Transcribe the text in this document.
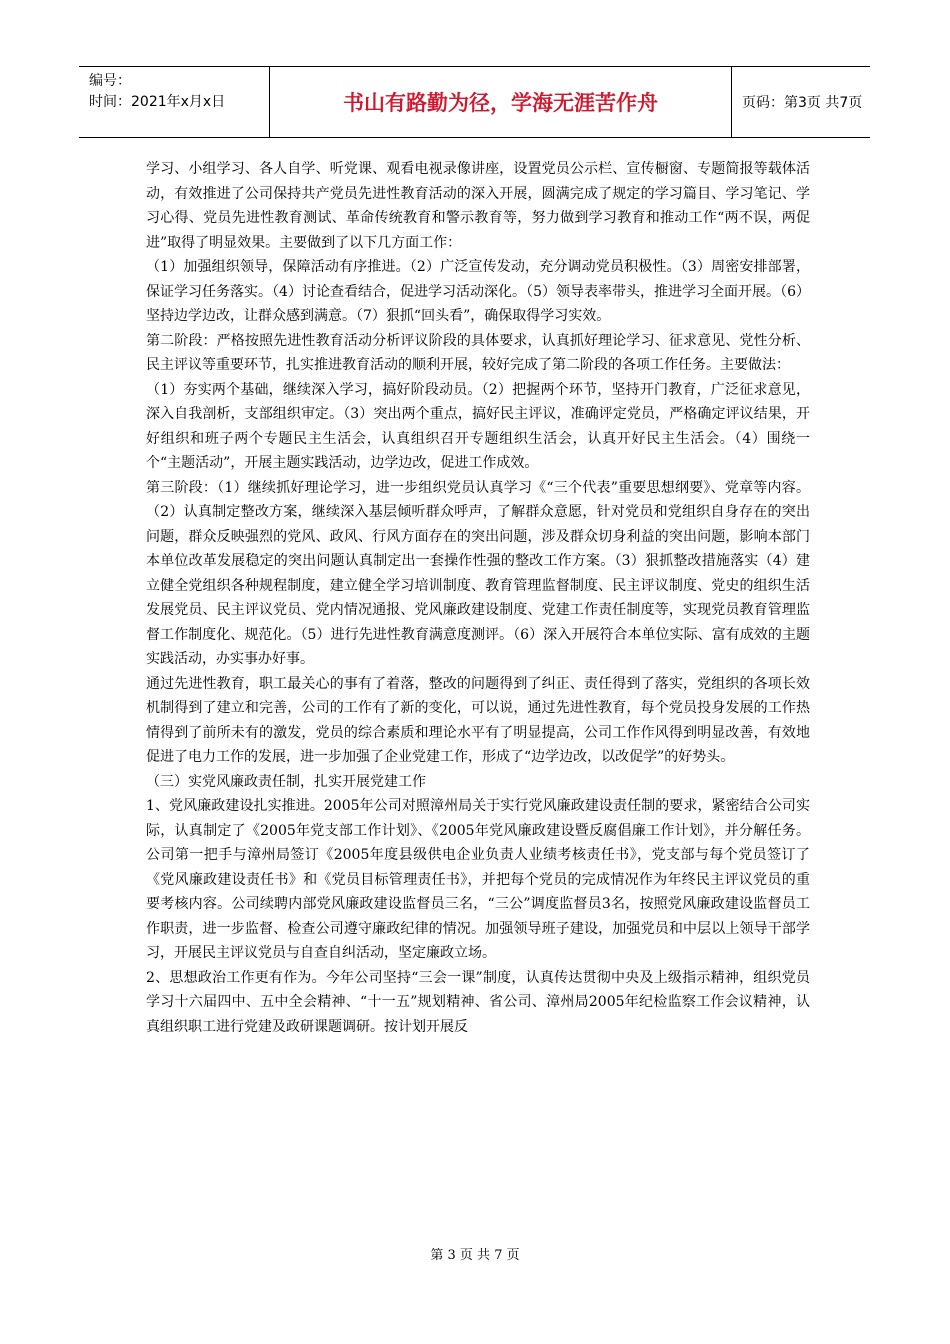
编号：
时间：2021年x月x日	书山有路勤为径，学海无涯苦作舟	页码：第3页 共7页

学习、小组学习、各人自学、听党课、观看电视录像讲座，设置党员公示栏、宣传橱窗、专题简报等载体活动，有效推进了公司保持共产党员先进性教育活动的深入开展，圆满完成了规定的学习篇目、学习笔记、学习心得、党员先进性教育测试、革命传统教育和警示教育等，努力做到学习教育和推动工作“两不误，两促进”取得了明显效果。主要做到了以下几方面工作：

（1）加强组织领导，保障活动有序推进。（2）广泛宣传发动，充分调动党员积极性。（3）周密安排部署，保证学习任务落实。（4）讨论查看结合，促进学习活动深化。（5）领导表率带头，推进学习全面开展。（6）坚持边学边改，让群众感到满意。（7）狠抓“回头看”，确保取得学习实效。

第二阶段：严格按照先进性教育活动分析评议阶段的具体要求，认真抓好理论学习、征求意见、党性分析、民主评议等重要环节，扎实推进教育活动的顺利开展，较好完成了第二阶段的各项工作任务。主要做法：

（1）夯实两个基础，继续深入学习，搞好阶段动员。（2）把握两个环节，坚持开门教育，广泛征求意见，深入自我剖析，支部组织审定。（3）突出两个重点，搞好民主评议，准确评定党员，严格确定评议结果，开好组织和班子两个专题民主生活会，认真组织召开专题组织生活会，认真开好民主生活会。（4）围绕一个“主题活动”，开展主题实践活动，边学边改，促进工作成效。

第三阶段：（1）继续抓好理论学习，进一步组织党员认真学习《“三个代表”重要思想纲要》、党章等内容。（2）认真制定整改方案，继续深入基层倾听群众呼声，了解群众意愿，针对党员和党组织自身存在的突出问题，群众反映强烈的党风、政风、行风方面存在的突出问题，涉及群众切身利益的突出问题，影响本部门本单位改革发展稳定的突出问题认真制定出一套操作性强的整改工作方案。（3）狠抓整改措施落实（4）建立健全党组织各种规程制度，建立健全学习培训制度、教育管理监督制度、民主评议制度、党史的组织生活发展党员、民主评议党员、党内情况通报、党风廉政建设制度、党建工作责任制度等，实现党员教育管理监督工作制度化、规范化。（5）进行先进性教育满意度测评。（6）深入开展符合本单位实际、富有成效的主题实践活动，办实事办好事。

通过先进性教育，职工最关心的事有了着落，整改的问题得到了纠正、责任得到了落实，党组织的各项长效机制得到了建立和完善，公司的工作有了新的变化，可以说，通过先进性教育，每个党员投身发展的工作热情得到了前所未有的激发，党员的综合素质和理论水平有了明显提高，公司工作作风得到明显改善，有效地促进了电力工作的发展，进一步加强了企业党建工作，形成了“边学边改，以改促学”的好势头。

（三）实党风廉政责任制，扎实开展党建工作

1、党风廉政建设扎实推进。2005年公司对照漳州局关于实行党风廉政建设责任制的要求，紧密结合公司实际，认真制定了《2005年党支部工作计划》、《2005年党风廉政建设暨反腐倡廉工作计划》，并分解任务。公司第一把手与漳州局签订《2005年度县级供电企业负责人业绩考核责任书》，党支部与每个党员签订了《党风廉政建设责任书》和《党员目标管理责任书》，并把每个党员的完成情况作为年终民主评议党员的重要考核内容。公司续聘内部党风廉政建设监督员三名，“三公”调度监督员3名，按照党风廉政建设监督员工作职责，进一步监督、检查公司遵守廉政纪律的情况。加强领导班子建设，加强党员和中层以上领导干部学习，开展民主评议党员与自查自纠活动，坚定廉政立场。

2、思想政治工作更有作为。今年公司坚持“三会一课”制度，认真传达贯彻中央及上级指示精神，组织党员学习十六届四中、五中全会精神、“十一五”规划精神、省公司、漳州局2005年纪检监察工作会议精神，认真组织职工进行党建及政研课题调研。按计划开展反

第 3 页 共 7 页
